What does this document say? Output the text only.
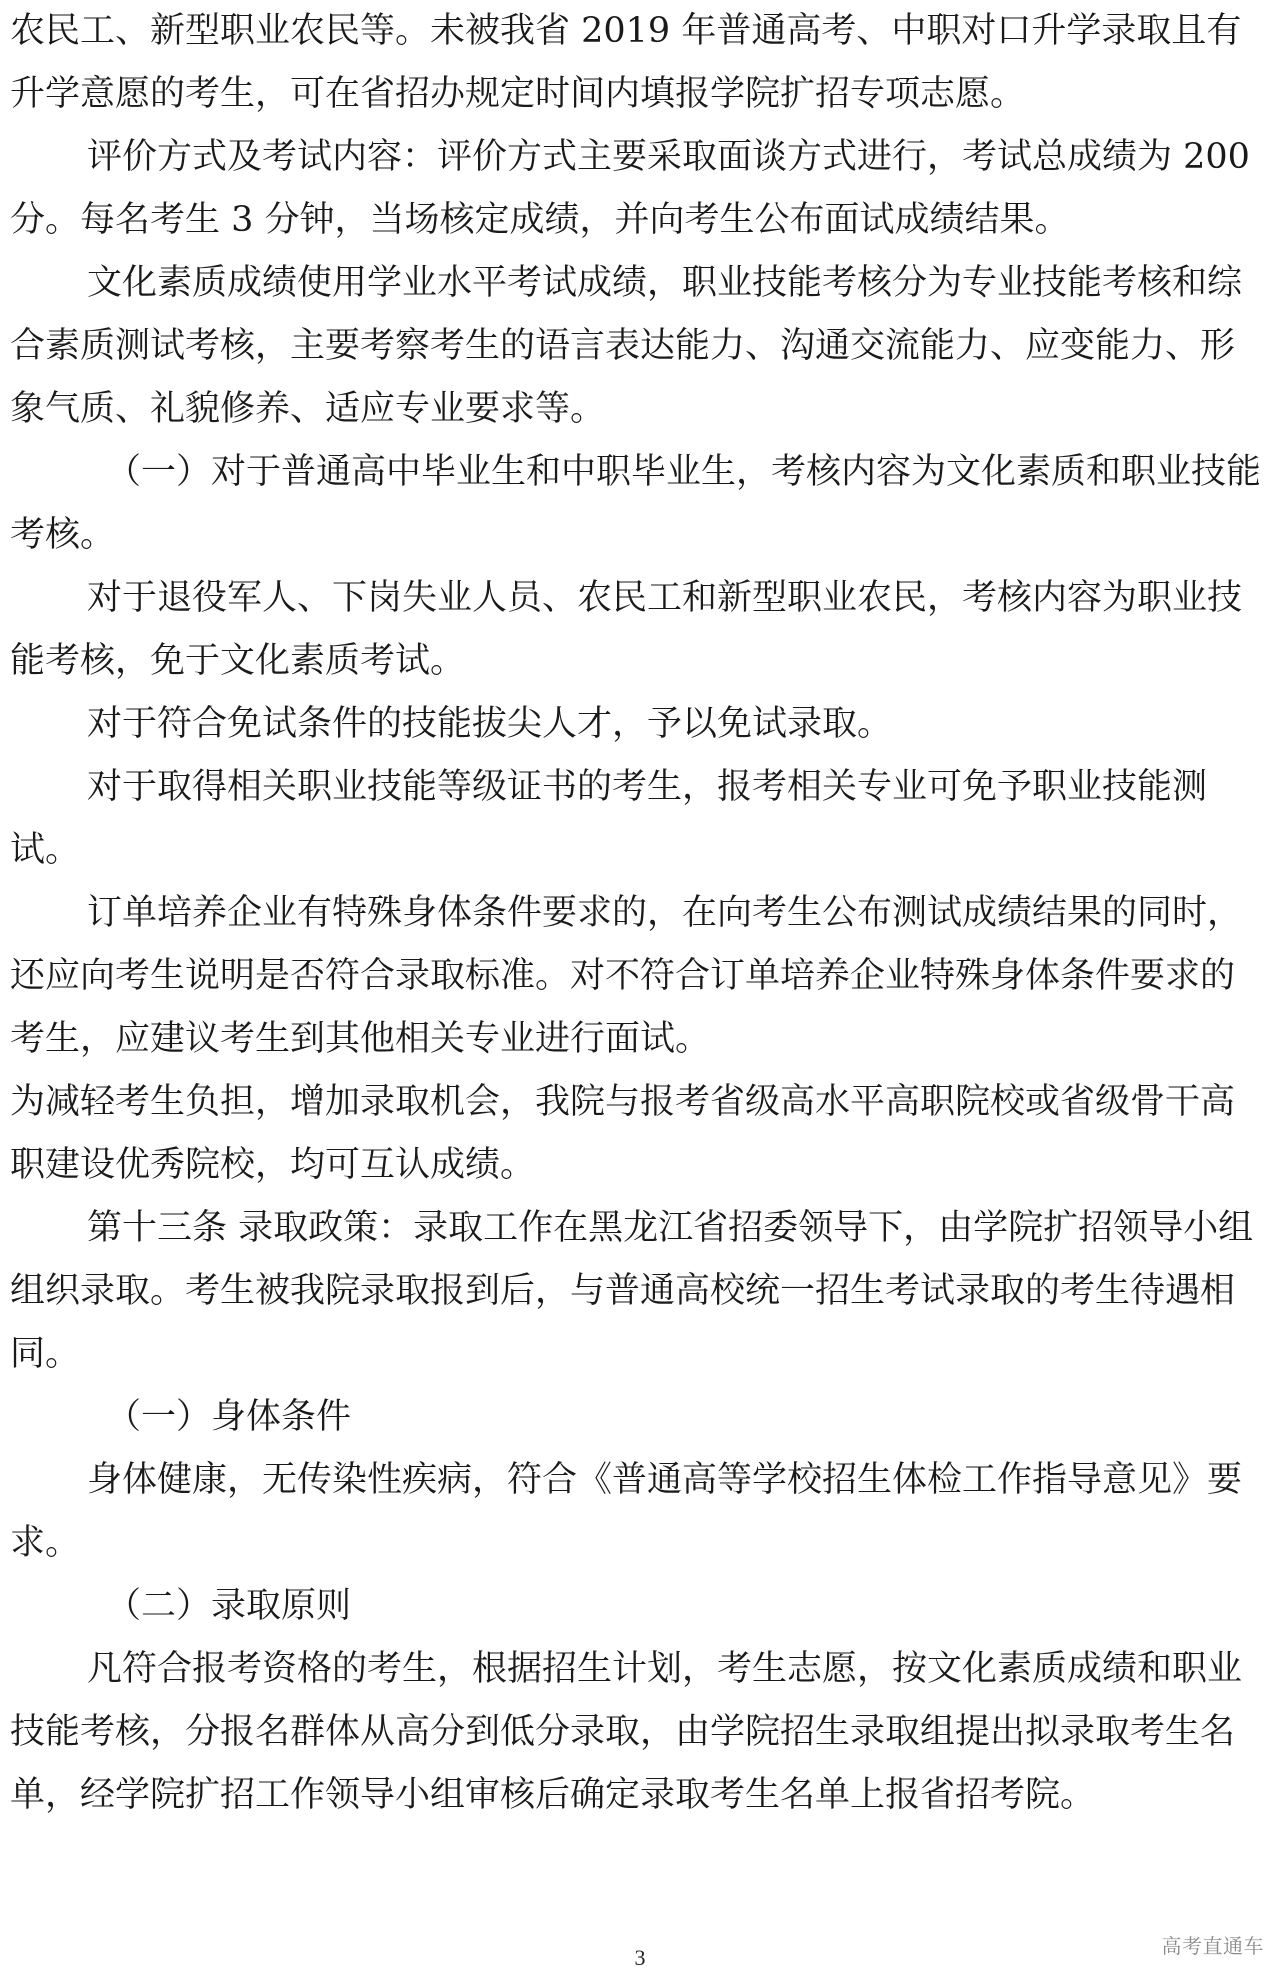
农民工、新型职业农民等。未被我省 2019 年普通高考、中职对口升学录取且有升学意愿的考生，可在省招办规定时间内填报学院扩招专项志愿。

评价方式及考试内容：评价方式主要采取面谈方式进行，考试总成绩为 200 分。每名考生 3 分钟，当场核定成绩，并向考生公布面试成绩结果。

文化素质成绩使用学业水平考试成绩，职业技能考核分为专业技能考核和综合素质测试考核，主要考察考生的语言表达能力、沟通交流能力、应变能力、形象气质、礼貌修养、适应专业要求等。

（一）对于普通高中毕业生和中职毕业生，考核内容为文化素质和职业技能考核。

对于退役军人、下岗失业人员、农民工和新型职业农民，考核内容为职业技能考核，免于文化素质考试。

对于符合免试条件的技能拔尖人才，予以免试录取。

对于取得相关职业技能等级证书的考生，报考相关专业可免予职业技能测试。

订单培养企业有特殊身体条件要求的，在向考生公布测试成绩结果的同时，还应向考生说明是否符合录取标准。对不符合订单培养企业特殊身体条件要求的考生，应建议考生到其他相关专业进行面试。

为减轻考生负担，增加录取机会，我院与报考省级高水平高职院校或省级骨干高职建设优秀院校，均可互认成绩。

第十三条 录取政策：录取工作在黑龙江省招委领导下，由学院扩招领导小组组织录取。考生被我院录取报到后，与普通高校统一招生考试录取的考生待遇相同。

（一）身体条件

身体健康，无传染性疾病，符合《普通高等学校招生体检工作指导意见》要求。

（二）录取原则

凡符合报考资格的考生，根据招生计划，考生志愿，按文化素质成绩和职业技能考核，分报名群体从高分到低分录取，由学院招生录取组提出拟录取考生名单，经学院扩招工作领导小组审核后确定录取考生名单上报省招考院。

高考直通车
3
